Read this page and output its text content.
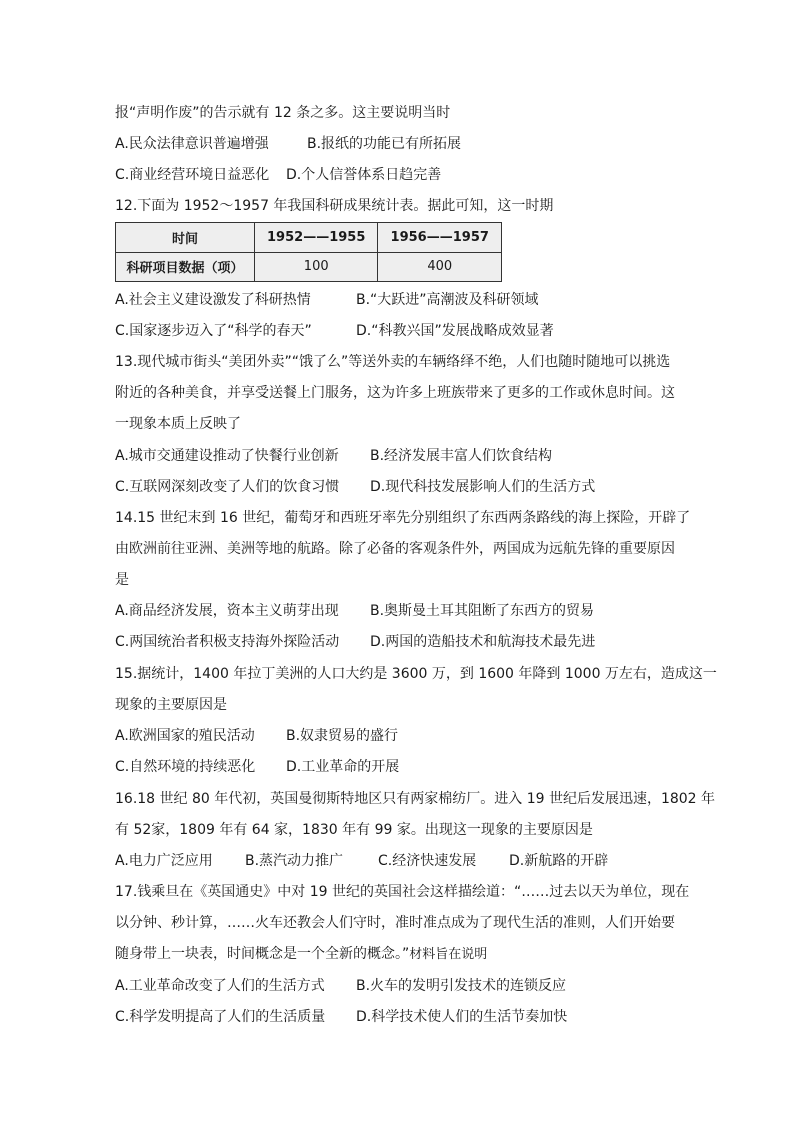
报“声明作废”的告示就有 12 条之多。这主要说明当时
A.民众法律意识普遍增强	B.报纸的功能已有所拓展
C.商业经营环境日益恶化 D.个人信誉体系日趋完善
12.下面为 1952～1957 年我国科研成果统计表。据此可知，这一时期
时间	1952——1955	1956——1957
科研项目数据（项）	100	400
A.社会主义建设激发了科研热情	B.“大跃进”高潮波及科研领域
C.国家逐步迈入了“科学的春天”	D.“科教兴国”发展战略成效显著
13.现代城市街头“美团外卖”“饿了么”等送外卖的车辆络绎不绝，人们也随时随地可以挑选
附近的各种美食，并享受送餐上门服务，这为许多上班族带来了更多的工作或休息时间。这
一现象本质上反映了
A.城市交通建设推动了快餐行业创新 B.经济发展丰富人们饮食结构
C.互联网深刻改变了人们的饮食习惯 D.现代科技发展影响人们的生活方式
14.15 世纪末到 16 世纪，葡萄牙和西班牙率先分别组织了东西两条路线的海上探险，开辟了
由欧洲前往亚洲、美洲等地的航路。除了必备的客观条件外，两国成为远航先锋的重要原因
是
A.商品经济发展，资本主义萌芽出现 B.奥斯曼土耳其阻断了东西方的贸易
C.两国统治者积极支持海外探险活动 D.两国的造船技术和航海技术最先进
15.据统计，1400 年拉丁美洲的人口大约是 3600 万，到 1600 年降到 1000 万左右，造成这一
现象的主要原因是
A.欧洲国家的殖民活动 B.奴隶贸易的盛行
C.自然环境的持续恶化 D.工业革命的开展
16.18 世纪 80 年代初，英国曼彻斯特地区只有两家棉纺厂。进入 19 世纪后发展迅速，1802 年
有 52家，1809 年有 64 家，1830 年有 99 家。出现这一现象的主要原因是
A.电力广泛应用 B.蒸汽动力推广 C.经济快速发展 D.新航路的开辟
17.钱乘旦在《英国通史》中对 19 世纪的英国社会这样描绘道：“……过去以天为单位，现在
以分钟、秒计算，……火车还教会人们守时，准时准点成为了现代生活的准则，人们开始要
随身带上一块表，时间概念是一个全新的概念。”材料旨在说明
A.工业革命改变了人们的生活方式 B.火车的发明引发技术的连锁反应
C.科学发明提高了人们的生活质量 D.科学技术使人们的生活节奏加快
